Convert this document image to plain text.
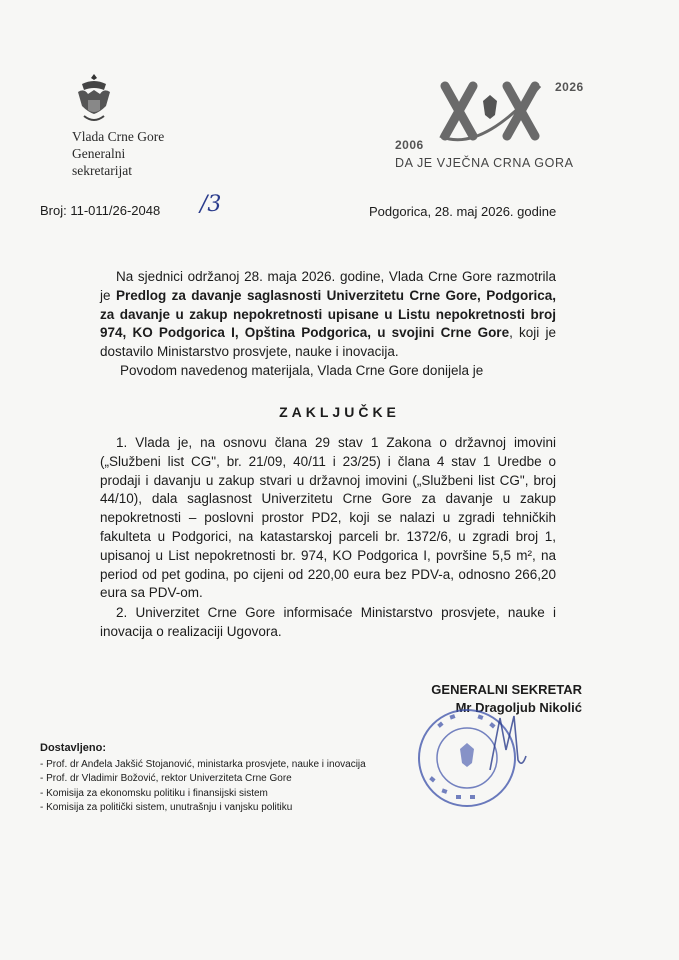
Vlada Crne Gore
Generalni
sekretarijat
2026
2006
DA JE VJEČNA CRNA GORA
Broj: 11-011/26-2048 /3	Podgorica, 28. maj 2026. godine
Na sjednici održanoj 28. maja 2026. godine, Vlada Crne Gore razmotrila je Predlog za davanje saglasnosti Univerzitetu Crne Gore, Podgorica, za davanje u zakup nepokretnosti upisane u Listu nepokretnosti broj 974, KO Podgorica I, Opština Podgorica, u svojini Crne Gore, koji je dostavilo Ministarstvo prosvjete, nauke i inovacija.
Povodom navedenog materijala, Vlada Crne Gore donijela je
ZAKLJUČKE
1. Vlada je, na osnovu člana 29 stav 1 Zakona o državnoj imovini („Službeni list CG", br. 21/09, 40/11 i 23/25) i člana 4 stav 1 Uredbe o prodaji i davanju u zakup stvari u državnoj imovini („Službeni list CG", broj 44/10), dala saglasnost Univerzitetu Crne Gore za davanje u zakup nepokretnosti – poslovni prostor PD2, koji se nalazi u zgradi tehničkih fakulteta u Podgorici, na katastarskoj parceli br. 1372/6, u zgradi broj 1, upisanoj u List nepokretnosti br. 974, KO Podgorica I, površine 5,5 m², na period od pet godina, po cijeni od 220,00 eura bez PDV-a, odnosno 266,20 eura sa PDV-om.
2. Univerzitet Crne Gore informisaće Ministarstvo prosvjete, nauke i inovacija o realizaciji Ugovora.
GENERALNI SEKRETAR
Mr Dragoljub Nikolić
Dostavljeno:
- Prof. dr Anđela Jakšić Stojanović, ministarka prosvjete, nauke i inovacija
- Prof. dr Vladimir Božović, rektor Univerziteta Crne Gore
- Komisija za ekonomsku politiku i finansijski sistem
- Komisija za politički sistem, unutrašnju i vanjsku politiku
